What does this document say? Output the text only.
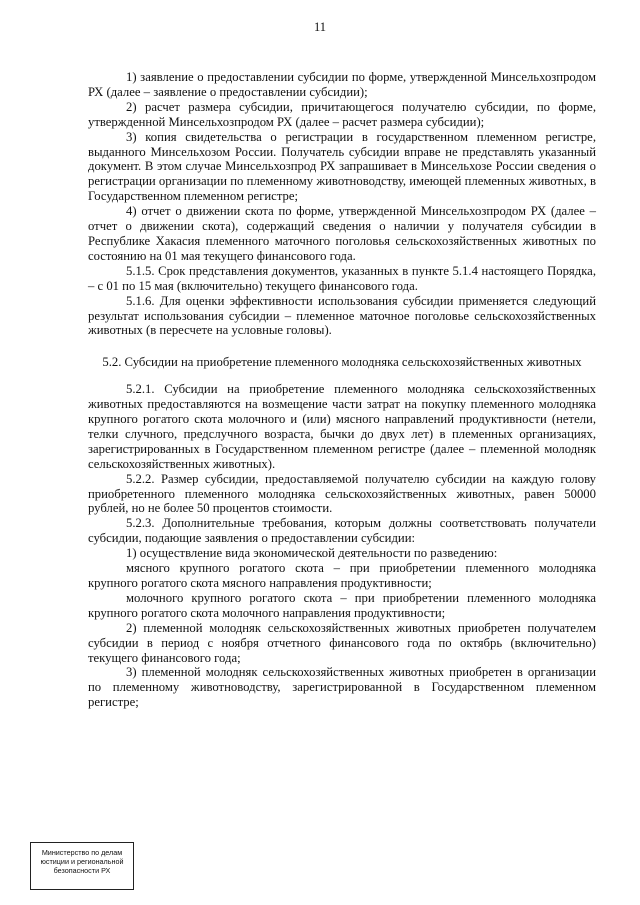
11

1) заявление о предоставлении субсидии по форме, утвержденной Минсельхозпродом РХ (далее – заявление о предоставлении субсидии);

2) расчет размера субсидии, причитающегося получателю субсидии, по форме, утвержденной Минсельхозпродом РХ (далее – расчет размера субсидии);

3) копия свидетельства о регистрации в государственном племенном регистре, выданного Минсельхозом России. Получатель субсидии вправе не представлять указанный документ. В этом случае Минсельхозпрод РХ запрашивает в Минсельхозе России сведения о регистрации организации по племенному животноводству, имеющей племенных животных, в Государственном племенном регистре;

4) отчет о движении скота по форме, утвержденной Минсельхозпродом РХ (далее – отчет о движении скота), содержащий сведения о наличии у получателя субсидии в Республике Хакасия племенного маточного поголовья сельскохозяйственных животных по состоянию на 01 мая текущего финансового года.

5.1.5. Срок представления документов, указанных в пункте 5.1.4 настоящего Порядка, – с 01 по 15 мая (включительно) текущего финансового года.

5.1.6. Для оценки эффективности использования субсидии применяется следующий результат использования субсидии – племенное маточное поголовье сельскохозяйственных животных (в пересчете на условные головы).

5.2. Субсидии на приобретение племенного молодняка сельскохозяйственных животных

5.2.1. Субсидии на приобретение племенного молодняка сельскохозяйственных животных предоставляются на возмещение части затрат на покупку племенного молодняка крупного рогатого скота молочного и (или) мясного направлений продуктивности (нетели, телки случного, предслучного возраста, бычки до двух лет) в племенных организациях, зарегистрированных в Государственном племенном регистре (далее – племенной молодняк сельскохозяйственных животных).

5.2.2. Размер субсидии, предоставляемой получателю субсидии на каждую голову приобретенного племенного молодняка сельскохозяйственных животных, равен 50000 рублей, но не более 50 процентов стоимости.

5.2.3. Дополнительные требования, которым должны соответствовать получатели субсидии, подающие заявления о предоставлении субсидии:

1) осуществление вида экономической деятельности по разведению:

мясного крупного рогатого скота – при приобретении племенного молодняка крупного рогатого скота мясного направления продуктивности;

молочного крупного рогатого скота – при приобретении племенного молодняка крупного рогатого скота молочного направления продуктивности;

2) племенной молодняк сельскохозяйственных животных приобретен получателем субсидии в период с ноября отчетного финансового года по октябрь (включительно) текущего финансового года;

3) племенной молодняк сельскохозяйственных животных приобретен в организации по племенному животноводству, зарегистрированной в Государственном племенном регистре;

Министерство по делам
юстиции и региональной
безопасности РХ
